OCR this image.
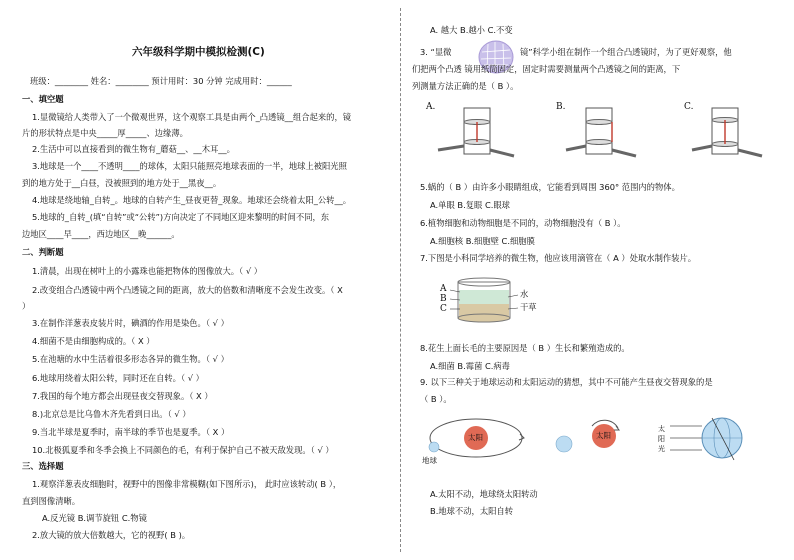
六年级科学期中模拟检测(C)
班级：________ 姓名：________ 预计用时：30 分钟 完成用时：______
一、填空题
1.显微镜给人类带入了一个微观世界，这个观察工具是由两个_凸透镜__组合起来的，镜
片的形状特点是中央_____厚_____、边缘薄。
2.生活中可以直接看到的微生物有_蘑菇__、__木耳__。
3.地球是一个____不透明____的球体，太阳只能照亮地球表面的一半，地球上被阳光照
到的地方处于__白昼，没被照到的地方处于__黑夜__。
4.地球是绕地轴_自转_。地球的自转产生_昼夜更替_现象。地球还会绕着太阳_公转__。
5.地球的_自转_(填“自转”或“公转”)方向决定了不同地区迎来黎明的时间不同，东
边地区____早____，西边地区__晚______。
二、判断题
1.清晨，出现在树叶上的小露珠也能把物体的图像放大。（ √ ）
2.改变组合凸透镜中两个凸透镜之间的距离，放大的倍数和清晰度不会发生改变。（ X
）
3.在制作洋葱表皮装片时，碘酒的作用是染色。（ √ ）
4.细菌不是由细胞构成的。（ X ）
5.在池塘的水中生活着很多形态各异的微生物。（ √ ）
6.地球用绕着太阳公转，同时还在自转。（ √ ）
7.我国的每个地方都会出现昼夜交替现象。（ X ）
8.)北京总是比乌鲁木齐先看到日出。（ √ ）
9.当北半球是夏季时，南半球的季节也是夏季。（ X ）
10.北极狐夏季和冬季会换上不同颜色的毛，有利于保护自己不被天敌发现。（ √ ）
三、选择题
1.观察洋葱表皮细胞时，视野中的图像非常模糊(如下图所示)， 此时应该转动( B ），
直到图像清晰。
A.反光镜 B.调节旋钮 C.物镜
2.放大镜的放大倍数越大，它的视野( B )。
A. 越大 B.越小 C.不变
3. “显微	镜”科学小组在制作一个组合凸透镜时，为了更好观察，他
们把两个凸透 镜用纸筒固定，固定时需要测量两个凸透镜之间的距离，下
列测量方法正确的是（ B ）。
A.	B.	C.
5.蜗的（ B ）由许多小眼睛组成，它能看到周围 360° 范围内的物体。
A.单眼 B.复眼 C.眼球
6.植物细胞和动物细胞是不同的，动物细胞没有（ B ）。
A.细胞核 B.细胞壁 C.细胞膜
7.下图是小科同学培养的微生物，他应该用滴管在（ A ）处取水制作装片。
A
B
C
水
干草
8.花生上面长毛的主要原因是（ B ）生长和繁殖造成的。
A.细菌 B.霉菌 C.病毒
9. 以下三种关于地球运动和太阳运动的猜想，其中不可能产生昼夜交替现象的是
（ B ）。
太阳
地球
太阳
太
阳
光
A.太阳不动，地球绕太阳转动
B.地球不动，太阳自转
